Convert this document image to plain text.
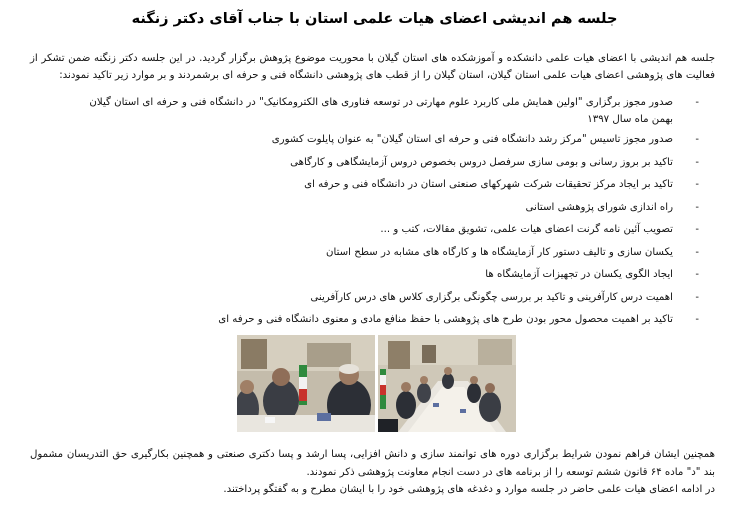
جلسه هم اندیشی اعضای هیات علمی استان با جناب آقای دکتر زنگنه
جلسه هم اندیشی با اعضای هیات علمی دانشکده و آموزشکده های استان گیلان با محوریت موضوع پژوهش برگزار گردید. در این جلسه دکتر زنگنه ضمن تشکر از فعالیت های پژوهشی اعضای هیات علمی استان گیلان، استان گیلان را از قطب های پژوهشی دانشگاه فنی و حرفه ای برشمردند و بر موارد زیر تاکید نمودند:
-
صدور مجوز برگزاری "اولین همایش ملی کاربرد علوم مهارتی در توسعه فناوری های الکترومکانیک" در دانشگاه فنی و حرفه ای استان گیلان بهمن ماه سال ۱۳۹۷
-
صدور مجوز تاسیس "مرکز رشد دانشگاه فنی و حرفه ای استان گیلان" به عنوان پایلوت کشوری
-
تاکید بر بروز رسانی و بومی سازی سرفصل دروس بخصوص دروس آزمایشگاهی و کارگاهی
-
تاکید بر ایجاد مرکز تحقیقات شرکت شهرکهای صنعتی استان در دانشگاه فنی و حرفه ای
-
راه اندازی شورای پژوهشی استانی
-
تصویب آئین نامه گرنت اعضای هیات علمی، تشویق مقالات، کتب و ...
-
یکسان سازی و تالیف دستور کار آزمایشگاه ها و کارگاه های مشابه در سطح استان
-
ایجاد الگوی یکسان در تجهیزات آزمایشگاه ها
-
اهمیت درس کارآفرینی و تاکید بر بررسی چگونگی برگزاری کلاس های درس کارآفرینی
-
تاکید بر اهمیت محصول محور بودن طرح های پژوهشی با حفظ منافع مادی و معنوی دانشگاه فنی و حرفه ای

همچنین ایشان فراهم نمودن شرایط برگزاری دوره های توانمند سازی و دانش افزایی، پسا ارشد و پسا دکتری صنعتی و همچنین بکارگیری حق التدریسان مشمول بند "د" ماده ۶۴ قانون ششم توسعه را از برنامه های در دست انجام معاونت پژوهشی ذکر نمودند.

در ادامه اعضای هیات علمی حاضر در جلسه موارد و دغدغه های پژوهشی خود را با ایشان مطرح و به گفتگو پرداختند.
